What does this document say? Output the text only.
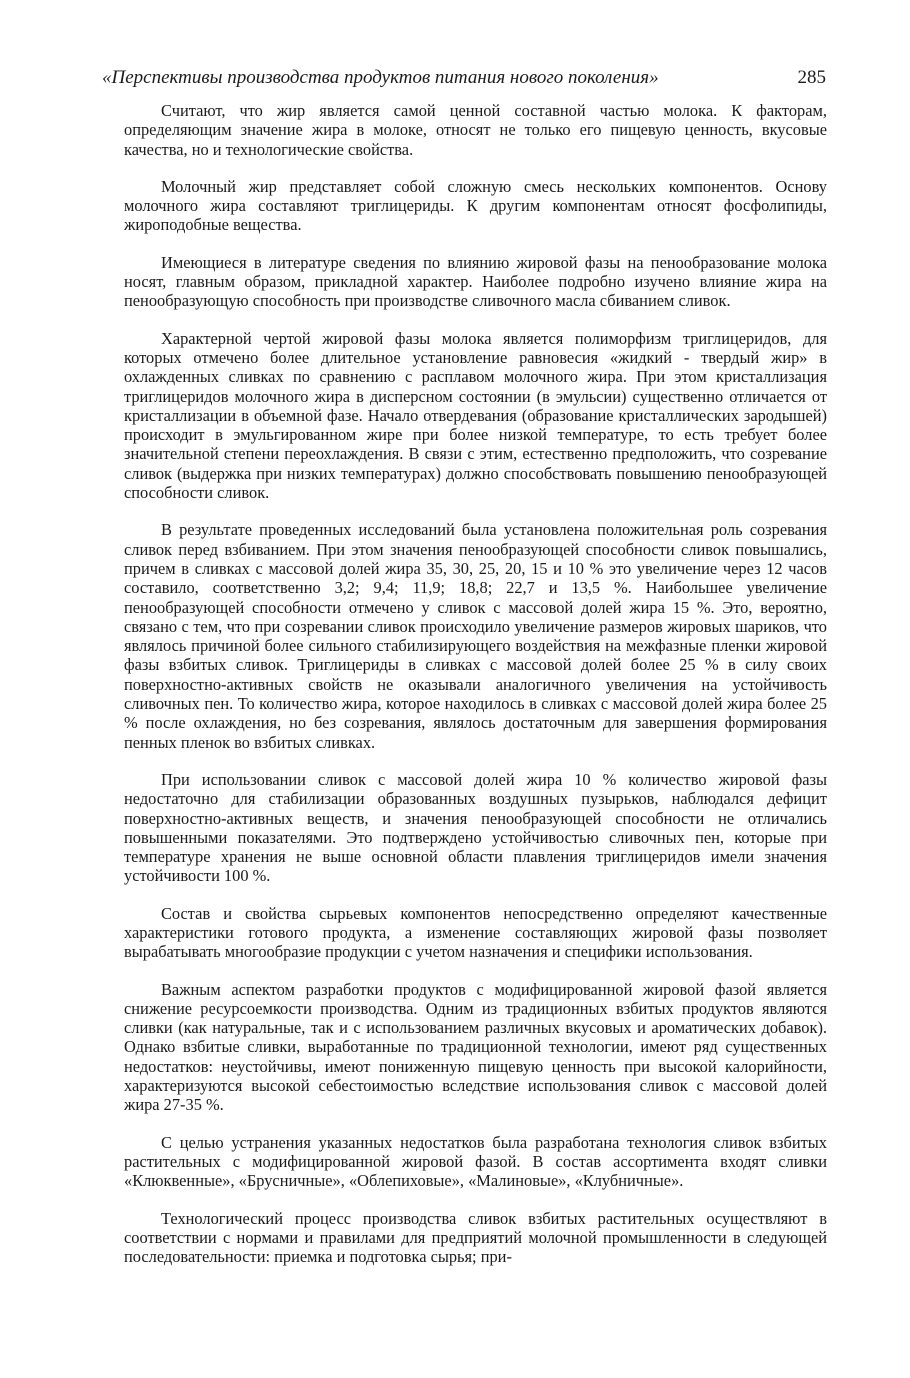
«Перспективы производства продуктов питания нового поколения»	285

Считают, что жир является самой ценной составной частью молока. К факторам, определяющим значение жира в молоке, относят не только его пищевую ценность, вкусовые качества, но и технологические свойства.

Молочный жир представляет собой сложную смесь нескольких компонентов. Основу молочного жира составляют триглицериды. К другим компонентам относят фосфолипиды, жироподобные вещества.

Имеющиеся в литературе сведения по влиянию жировой фазы на пенообразование молока носят, главным образом, прикладной характер. Наиболее подробно изучено влияние жира на пенообразующую способность при производстве сливочного масла сбиванием сливок.

Характерной чертой жировой фазы молока является полиморфизм триглицеридов, для которых отмечено более длительное установление равновесия «жидкий - твердый жир» в охлажденных сливках по сравнению с расплавом молочного жира. При этом кристаллизация триглицеридов молочного жира в дисперсном состоянии (в эмульсии) существенно отличается от кристаллизации в объемной фазе. Начало отвердевания (образование кристаллических зародышей) происходит в эмульгированном жире при более низкой температуре, то есть требует более значительной степени переохлаждения. В связи с этим, естественно предположить, что созревание сливок (выдержка при низких температурах) должно способствовать повышению пенообразующей способности сливок.

В результате проведенных исследований была установлена положительная роль созревания сливок перед взбиванием. При этом значения пенообразующей способности сливок повышались, причем в сливках с массовой долей жира 35, 30, 25, 20, 15 и 10 % это увеличение через 12 часов составило, соответственно 3,2; 9,4; 11,9; 18,8; 22,7 и 13,5 %. Наибольшее увеличение пенообразующей способности отмечено у сливок с массовой долей жира 15 %. Это, вероятно, связано с тем, что при созревании сливок происходило увеличение размеров жировых шариков, что являлось причиной более сильного стабилизирующего воздействия на межфазные пленки жировой фазы взбитых сливок. Триглицериды в сливках с массовой долей более 25 % в силу своих поверхностно-активных свойств не оказывали аналогичного увеличения на устойчивость сливочных пен. То количество жира, которое находилось в сливках с массовой долей жира более 25 % после охлаждения, но без созревания, являлось достаточным для завершения формирования пенных пленок во взбитых сливках.

При использовании сливок с массовой долей жира 10 % количество жировой фазы недостаточно для стабилизации образованных воздушных пузырьков, наблюдался дефицит поверхностно-активных веществ, и значения пенообразующей способности не отличались повышенными показателями. Это подтверждено устойчивостью сливочных пен, которые при температуре хранения не выше основной области плавления триглицеридов имели значения устойчивости 100 %.

Состав и свойства сырьевых компонентов непосредственно определяют качественные характеристики готового продукта, а изменение составляющих жировой фазы позволяет вырабатывать многообразие продукции с учетом назначения и специфики использования.

Важным аспектом разработки продуктов с модифицированной жировой фазой является снижение ресурсоемкости производства. Одним из традиционных взбитых продуктов являются сливки (как натуральные, так и с использованием различных вкусовых и ароматических добавок). Однако взбитые сливки, выработанные по традиционной технологии, имеют ряд существенных недостатков: неустойчивы, имеют пониженную пищевую ценность при высокой калорийности, характеризуются высокой себестоимостью вследствие использования сливок с массовой долей жира 27-35 %.

С целью устранения указанных недостатков была разработана технология сливок взбитых растительных с модифицированной жировой фазой. В состав ассортимента входят сливки «Клюквенные», «Брусничные», «Облепиховые», «Малиновые», «Клубничные».

Технологический процесс производства сливок взбитых растительных осуществляют в соответствии с нормами и правилами для предприятий молочной промышленности в следующей последовательности: приемка и подготовка сырья; при-
